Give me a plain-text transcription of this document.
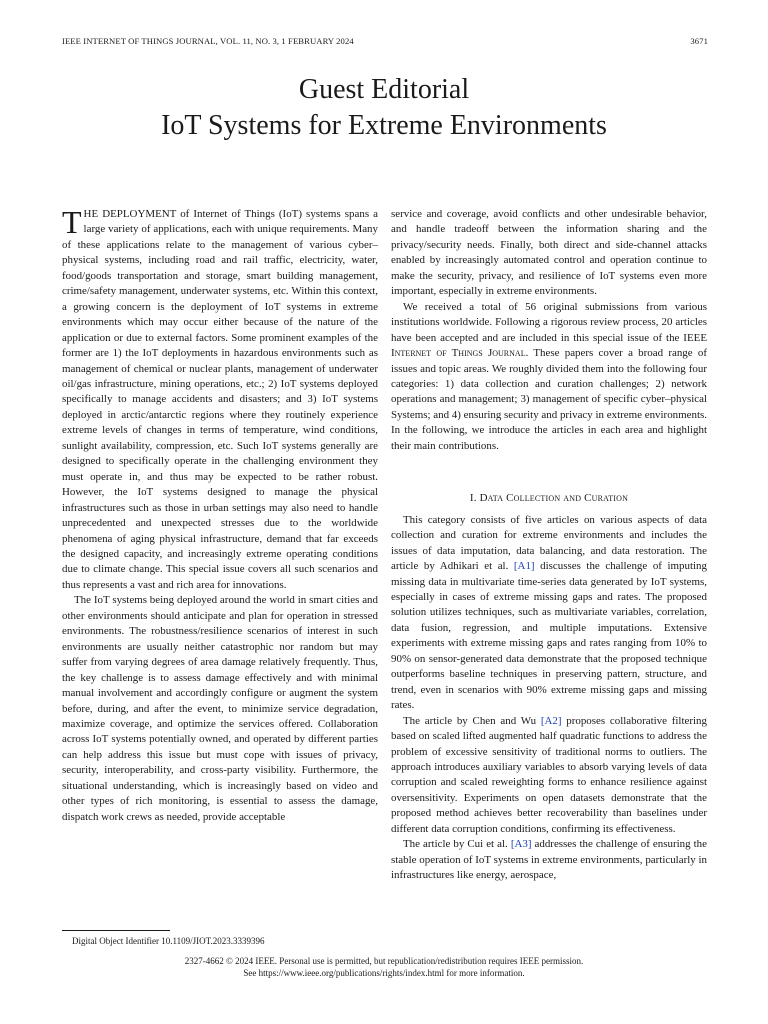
IEEE INTERNET OF THINGS JOURNAL, VOL. 11, NO. 3, 1 FEBRUARY 2024	3671
Guest Editorial
IoT Systems for Extreme Environments

THE DEPLOYMENT of Internet of Things (IoT) systems spans a large variety of applications, each with unique requirements. Many of these applications relate to the management of various cyber–physical systems, including road and rail traffic, electricity, water, food/goods transportation and storage, smart building management, crime/safety management, underwater systems, etc. Within this context, a growing concern is the deployment of IoT systems in extreme environments which may occur either because of the nature of the application or due to external factors. Some prominent examples of the former are 1) the IoT deployments in hazardous environments such as management of chemical or nuclear plants, management of underwater oil/gas infrastructure, mining operations, etc.; 2) IoT systems deployed specifically to manage accidents and disasters; and 3) IoT systems deployed in arctic/antarctic regions where they routinely experience extreme levels of changes in terms of temperature, wind conditions, sunlight availability, compression, etc. Such IoT systems generally are designed to specifically operate in the challenging environment they must operate in, and thus may be expected to be rather robust. However, the IoT systems designed to manage the physical infrastructures such as those in urban settings may also need to handle unprecedented and unexpected stresses due to the worldwide phenomena of aging physical infrastructure, demand that far exceeds the designed capacity, and increasingly extreme operating conditions due to climate change. This special issue covers all such scenarios and thus represents a vast and rich area for innovations.

The IoT systems being deployed around the world in smart cities and other environments should anticipate and plan for operation in stressed environments. The robustness/resilience scenarios of interest in such environments are usually neither catastrophic nor random but may suffer from varying degrees of area damage relatively frequently. Thus, the key challenge is to assess damage effectively and with minimal manual involvement and accordingly configure or augment the system before, during, and after the event, to minimize service degradation, maximize coverage, and optimize the services offered. Collaboration across IoT systems potentially owned, and operated by different parties can help address this issue but must cope with issues of privacy, security, interoperability, and cross-party visibility. Furthermore, the situational understanding, which is increasingly based on video and other types of rich monitoring, is essential to assess the damage, dispatch work crews as needed, provide acceptable

service and coverage, avoid conflicts and other undesirable behavior, and handle tradeoff between the information sharing and the privacy/security needs. Finally, both direct and side-channel attacks enabled by increasingly automated control and operation continue to make the security, privacy, and resilience of IoT systems even more important, especially in extreme environments.

We received a total of 56 original submissions from various institutions worldwide. Following a rigorous review process, 20 articles have been accepted and are included in this special issue of the IEEE Internet of Things Journal. These papers cover a broad range of issues and topic areas. We roughly divided them into the following four categories: 1) data collection and curation challenges; 2) network operations and management; 3) management of specific cyber–physical Systems; and 4) ensuring security and privacy in extreme environments. In the following, we introduce the articles in each area and highlight their main contributions.

I. Data Collection and Curation

This category consists of five articles on various aspects of data collection and curation for extreme environments and includes the issues of data imputation, data balancing, and data restoration. The article by Adhikari et al. [A1] discusses the challenge of imputing missing data in multivariate time-series data generated by IoT systems, especially in cases of extreme missing gaps and rates. The proposed solution utilizes techniques, such as multivariate variables, correlation, data fusion, regression, and multiple imputations. Extensive experiments with extreme missing gaps and rates ranging from 10% to 90% on sensor-generated data demonstrate that the proposed technique outperforms baseline techniques in preserving pattern, structure, and trend, even in scenarios with 90% extreme missing gaps and missing rates.

The article by Chen and Wu [A2] proposes collaborative filtering based on scaled lifted augmented half quadratic functions to address the problem of excessive sensitivity of traditional norms to outliers. The approach introduces auxiliary variables to absorb varying levels of data corruption and scaled reweighting forms to enhance resilience against oversensitivity. Experiments on open datasets demonstrate that the proposed method achieves better recoverability than baselines under different data corruption conditions, confirming its effectiveness.

The article by Cui et al. [A3] addresses the challenge of ensuring the stable operation of IoT systems in extreme environments, particularly in infrastructures like energy, aerospace,

Digital Object Identifier 10.1109/JIOT.2023.3339396
2327-4662 © 2024 IEEE. Personal use is permitted, but republication/redistribution requires IEEE permission.
See https://www.ieee.org/publications/rights/index.html for more information.
